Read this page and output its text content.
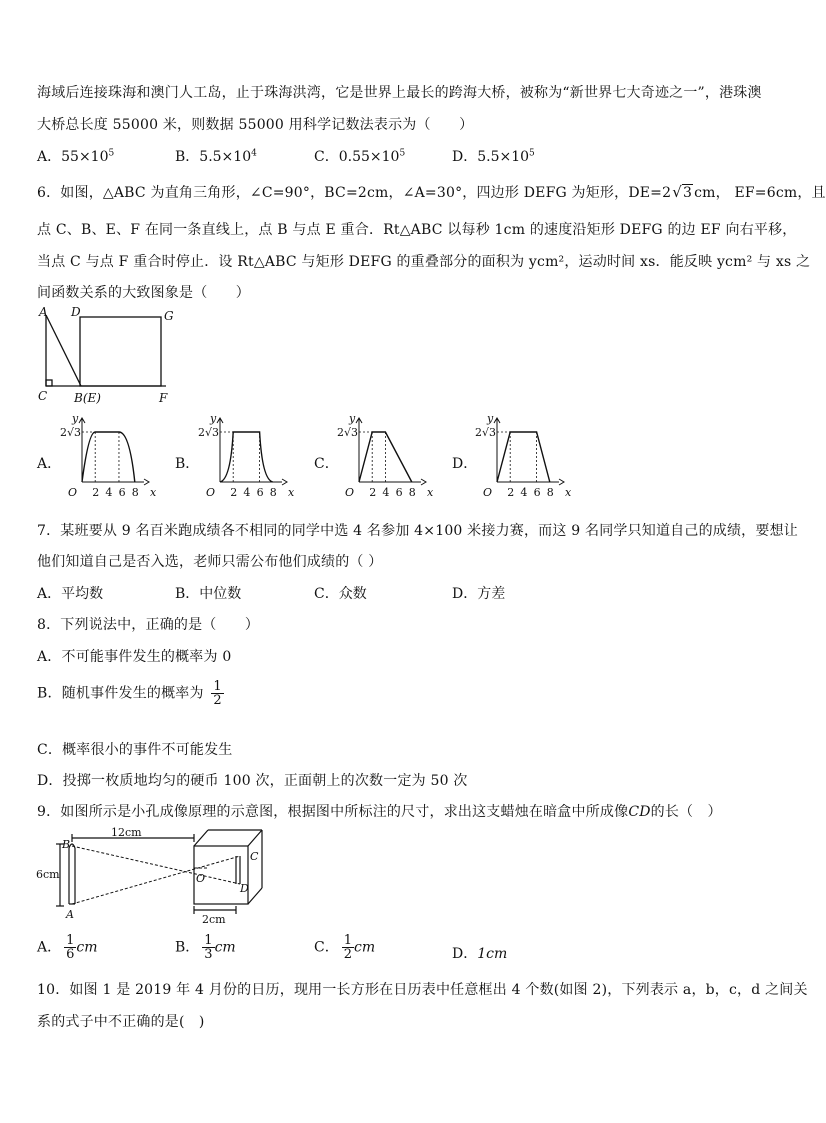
海域后连接珠海和澳门人工岛，止于珠海洪湾，它是世界上最长的跨海大桥，被称为“新世界七大奇迹之一”，港珠澳
大桥总长度 55000 米，则数据 55000 用科学记数法表示为（　　）
A．$55\times 10^5$	B．$5.5\times 10^4$	C．$0.55\times 10^5$	D．$5.5\times 10^5$
6．如图，△ABC 为直角三角形，∠C=90°，BC=2cm，∠A=30°，四边形 DEFG 为矩形，DE=2√3 cm， EF=6cm，且
点 C、B、E、F 在同一条直线上，点 B 与点 E 重合．Rt△ABC 以每秒 1cm 的速度沿矩形 DEFG 的边 EF 向右平移，
当点 C 与点 F 重合时停止．设 Rt△ABC 与矩形 DEFG 的重叠部分的面积为 ycm²，运动时间 xs．能反映 ycm² 与 xs 之
间函数关系的大致图象是（　　）
A D	G
C B(E)	F
A．	B．	C．	D．
y
x
O
2√3
2 4 6 8
y
x
O
2√3
2 4 6 8
y
x
O
2√3
2 4 6 8
y
x
O
2√3
2 4 6 8
7．某班要从 9 名百米跑成绩各不相同的同学中选 4 名参加 4×100 米接力赛，而这 9 名同学只知道自己的成绩，要想让
他们知道自己是否入选，老师只需公布他们成绩的（ ）
A．平均数	B．中位数	C．众数	D．方差
8．下列说法中，正确的是（　　）
A．不可能事件发生的概率为 0
B．随机事件发生的概率为 $\frac{1}{2}$
C．概率很小的事件不可能发生
D．投掷一枚质地均匀的硬币 100 次，正面朝上的次数一定为 50 次
9．如图所示是小孔成像原理的示意图，根据图中所标注的尺寸，求出这支蜡烛在暗盒中所成像CD的长（　）
12cm
6cm
2cm
B
A
O
C
D
A． $\frac{1}{6}$ cm	B． $\frac{1}{3}$ cm	C． $\frac{1}{2}$ cm	D．1cm
10．如图 1 是 2019 年 4 月份的日历，现用一长方形在日历表中任意框出 4 个数(如图 2)，下列表示 a，b，c，d 之间关
系的式子中不正确的是(　)
